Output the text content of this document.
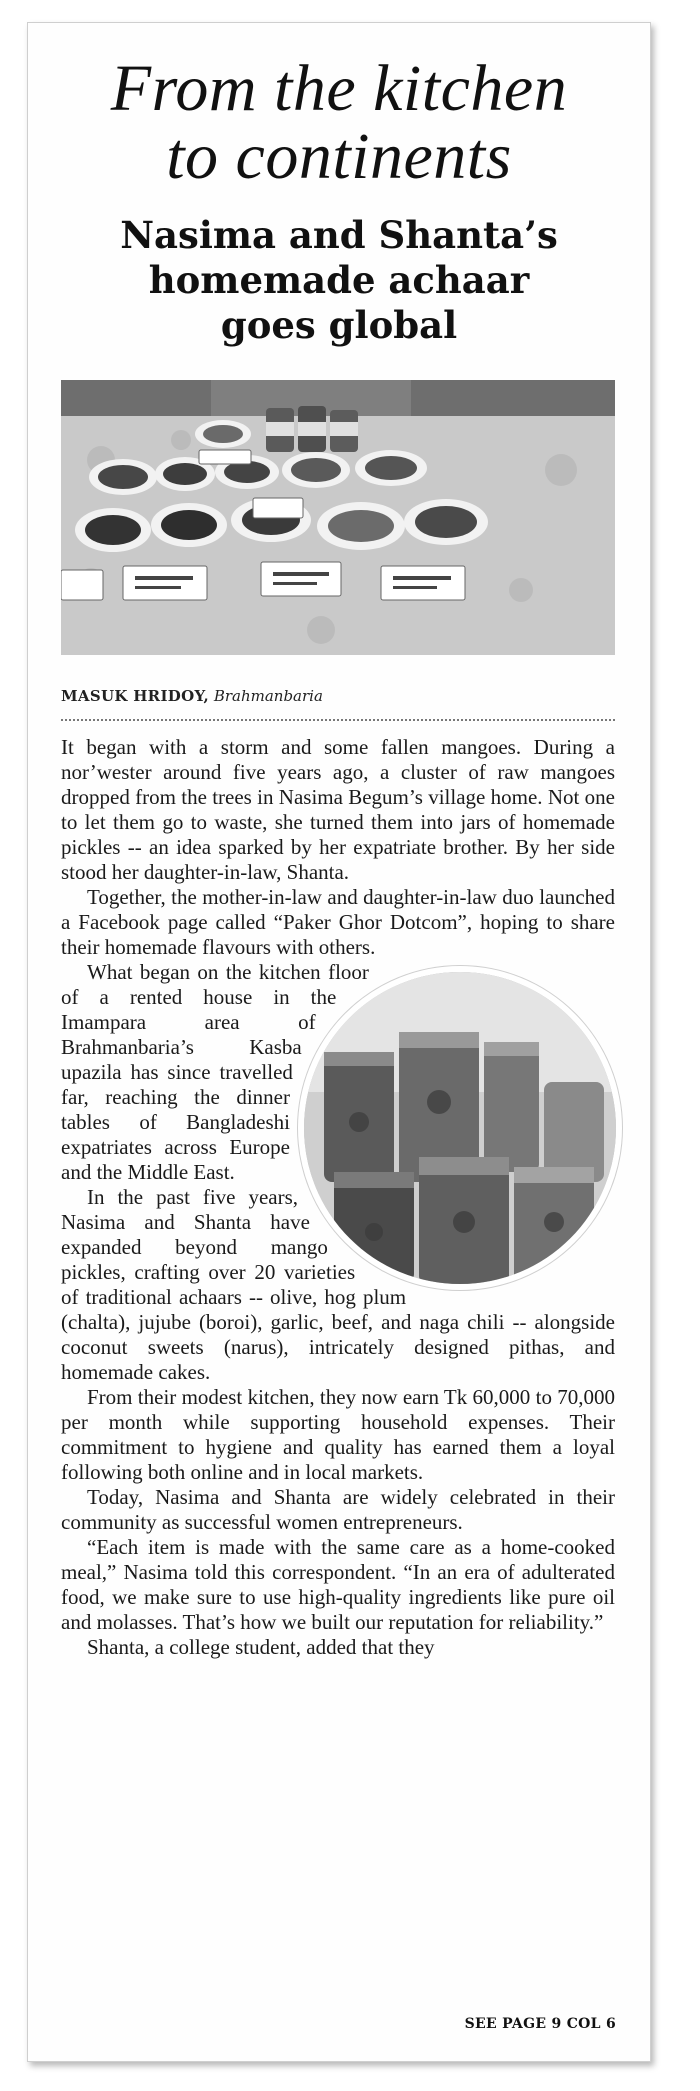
From the kitchen
to continents
Nasima and Shanta’s
homemade achaar
goes global
MASUK HRIDOY, Brahmanbaria

It began with a storm and some fallen mangoes. During a nor’wester around five years ago, a cluster of raw mangoes dropped from the trees in Nasima Begum’s village home. Not one to let them go to waste, she turned them into jars of homemade pickles -- an idea sparked by her expatriate brother. By her side stood her daughter-in-law, Shanta.

Together, the mother-in-law and daughter-in-law duo launched a Facebook page called “Paker Ghor Dotcom”, hoping to share their homemade flavours with others.

What began on the kitchen floor of a rented house in the Imampara area of Brahmanbaria’s Kasba upazila has since travelled far, reaching the dinner tables of Bangladeshi expatriates across Europe and the Middle East.

In the past five years, Nasima and Shanta have expanded beyond mango pickles, crafting over 20 varieties of traditional achaars -- olive, hog plum (chalta), jujube (boroi), garlic, beef, and naga chili -- alongside coconut sweets (narus), intricately designed pithas, and homemade cakes.

From their modest kitchen, they now earn Tk 60,000 to 70,000 per month while supporting household expenses. Their commitment to hygiene and quality has earned them a loyal following both online and in local markets.

Today, Nasima and Shanta are widely celebrated in their community as successful women entrepreneurs.

“Each item is made with the same care as a home-cooked meal,” Nasima told this correspondent. “In an era of adulterated food, we make sure to use high-quality ingredients like pure oil and molasses. That’s how we built our reputation for reliability.”

Shanta, a college student, added that they

SEE PAGE 9 COL 6
